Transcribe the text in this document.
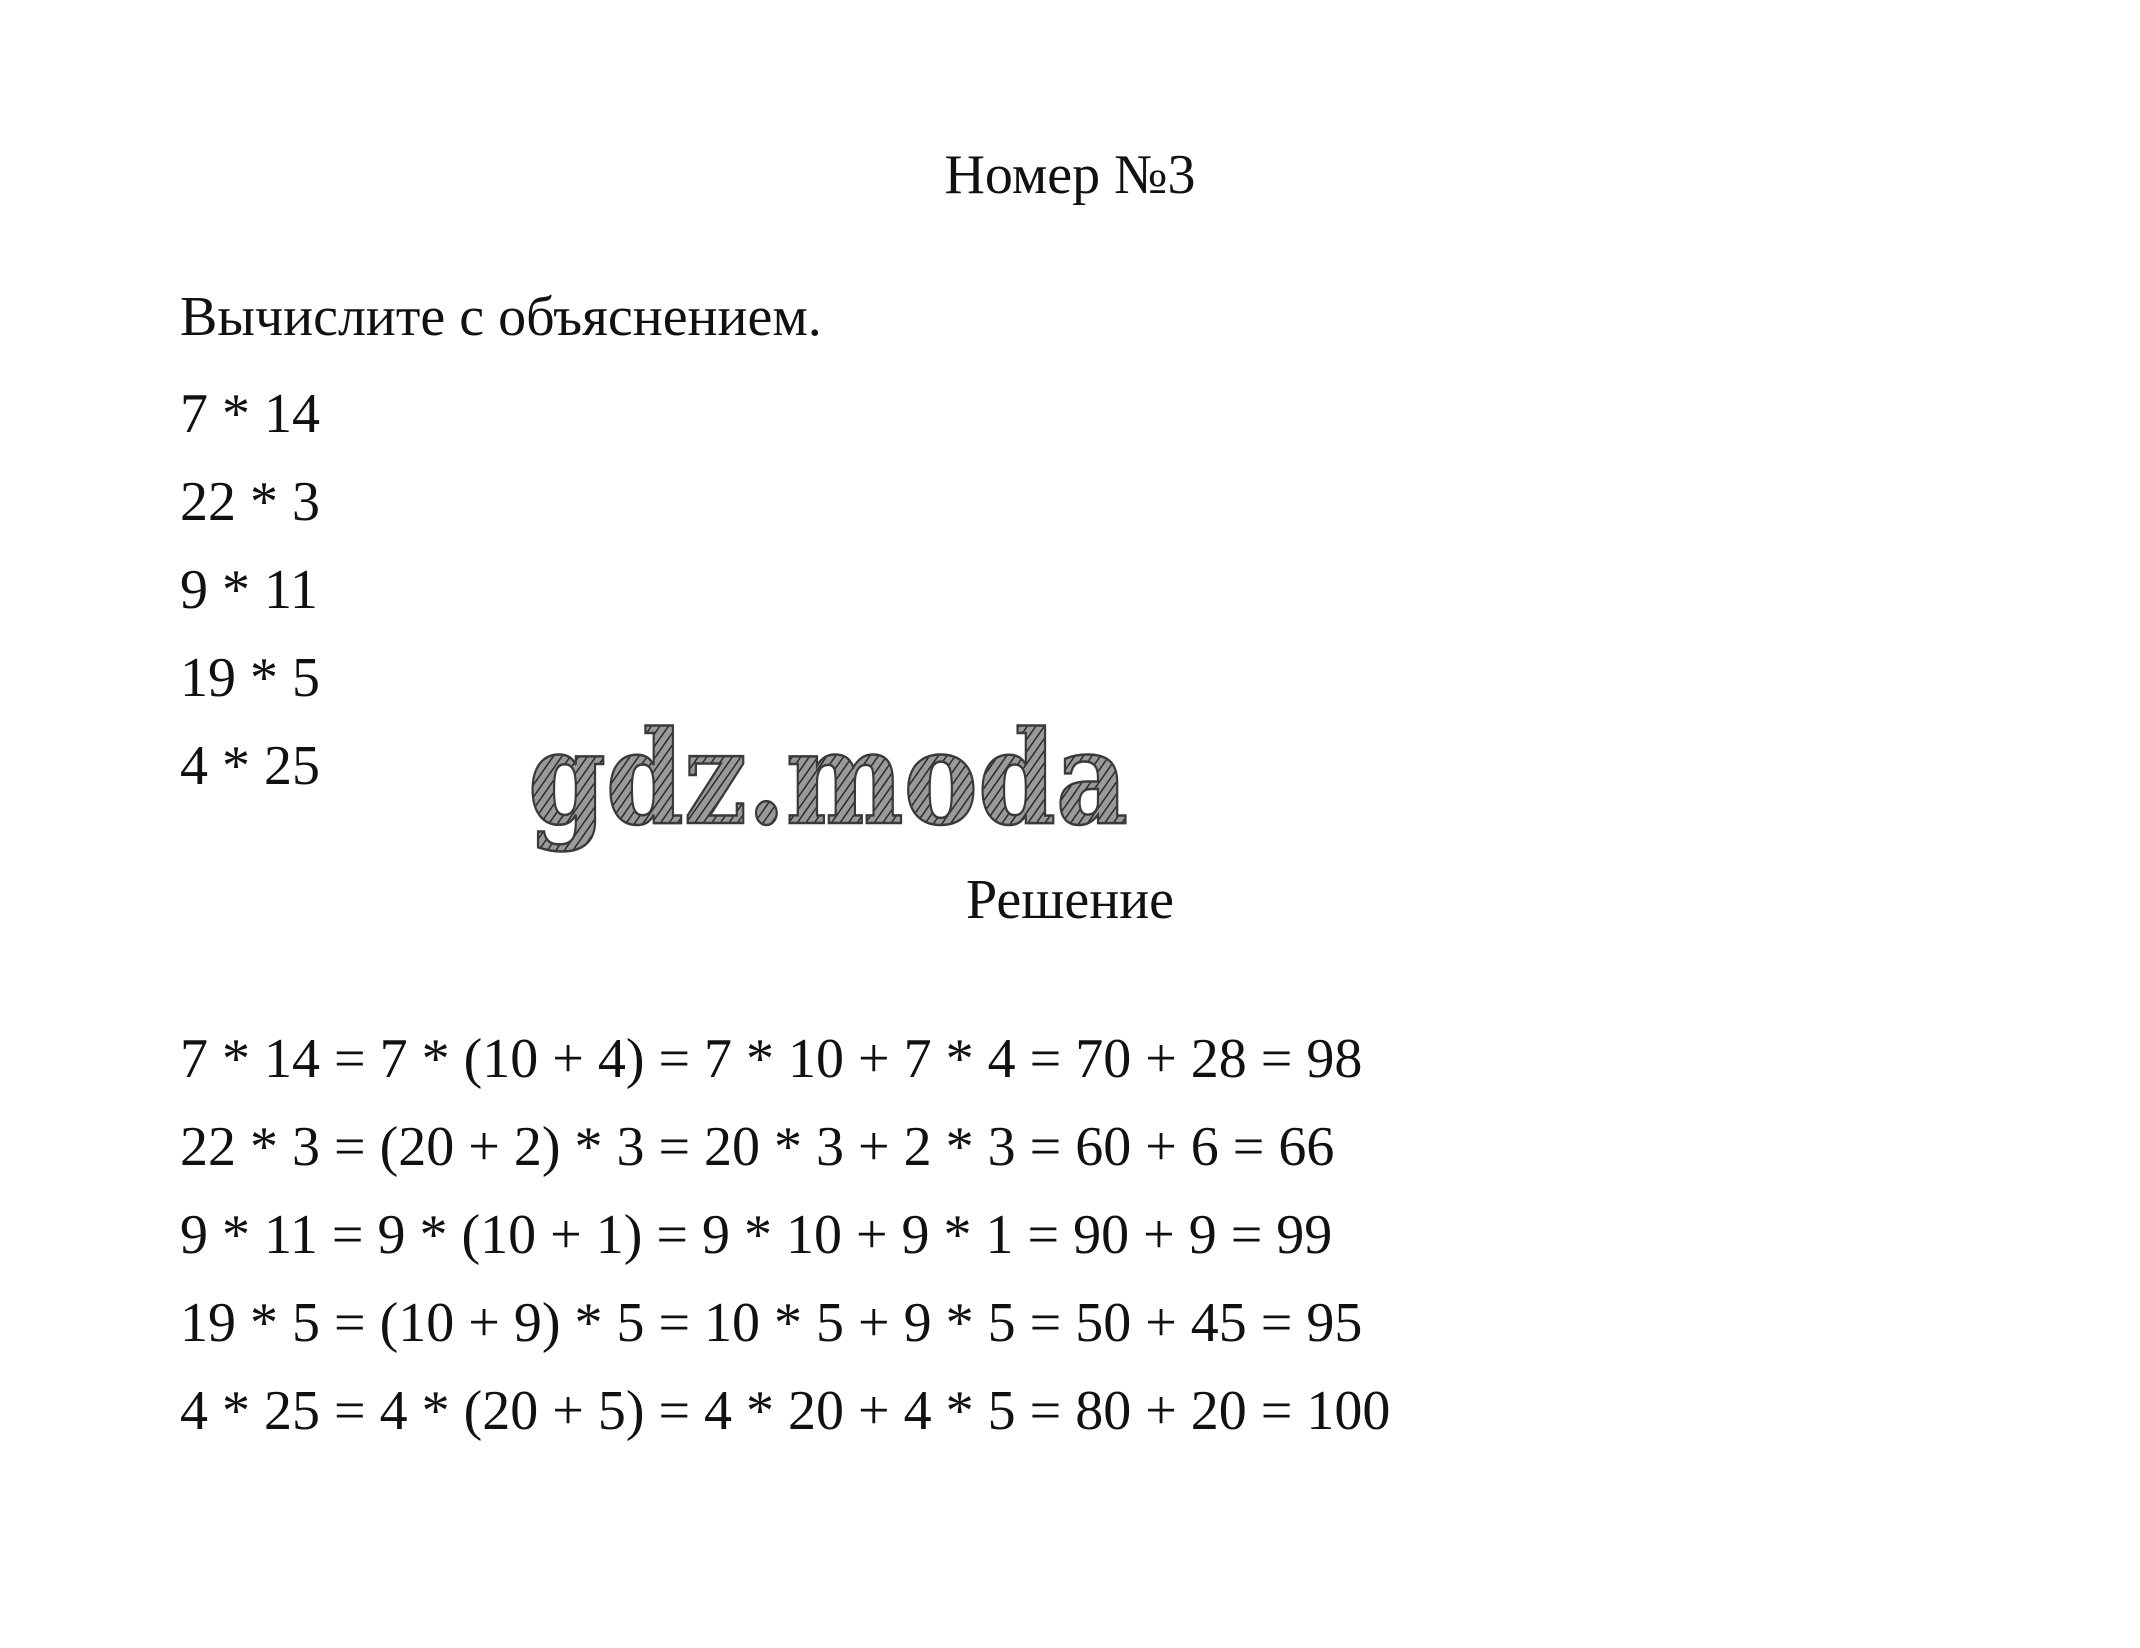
Номер №3
Вычислите с объяснением.
7 * 14
22 * 3
9 * 11
19 * 5
4 * 25 gdz.moda
Решение
7 * 14 = 7 * (10 + 4) = 7 * 10 + 7 * 4 = 70 + 28 = 98
22 * 3 = (20 + 2) * 3 = 20 * 3 + 2 * 3 = 60 + 6 = 66
9 * 11 = 9 * (10 + 1) = 9 * 10 + 9 * 1 = 90 + 9 = 99
19 * 5 = (10 + 9) * 5 = 10 * 5 + 9 * 5 = 50 + 45 = 95
4 * 25 = 4 * (20 + 5) = 4 * 20 + 4 * 5 = 80 + 20 = 100
